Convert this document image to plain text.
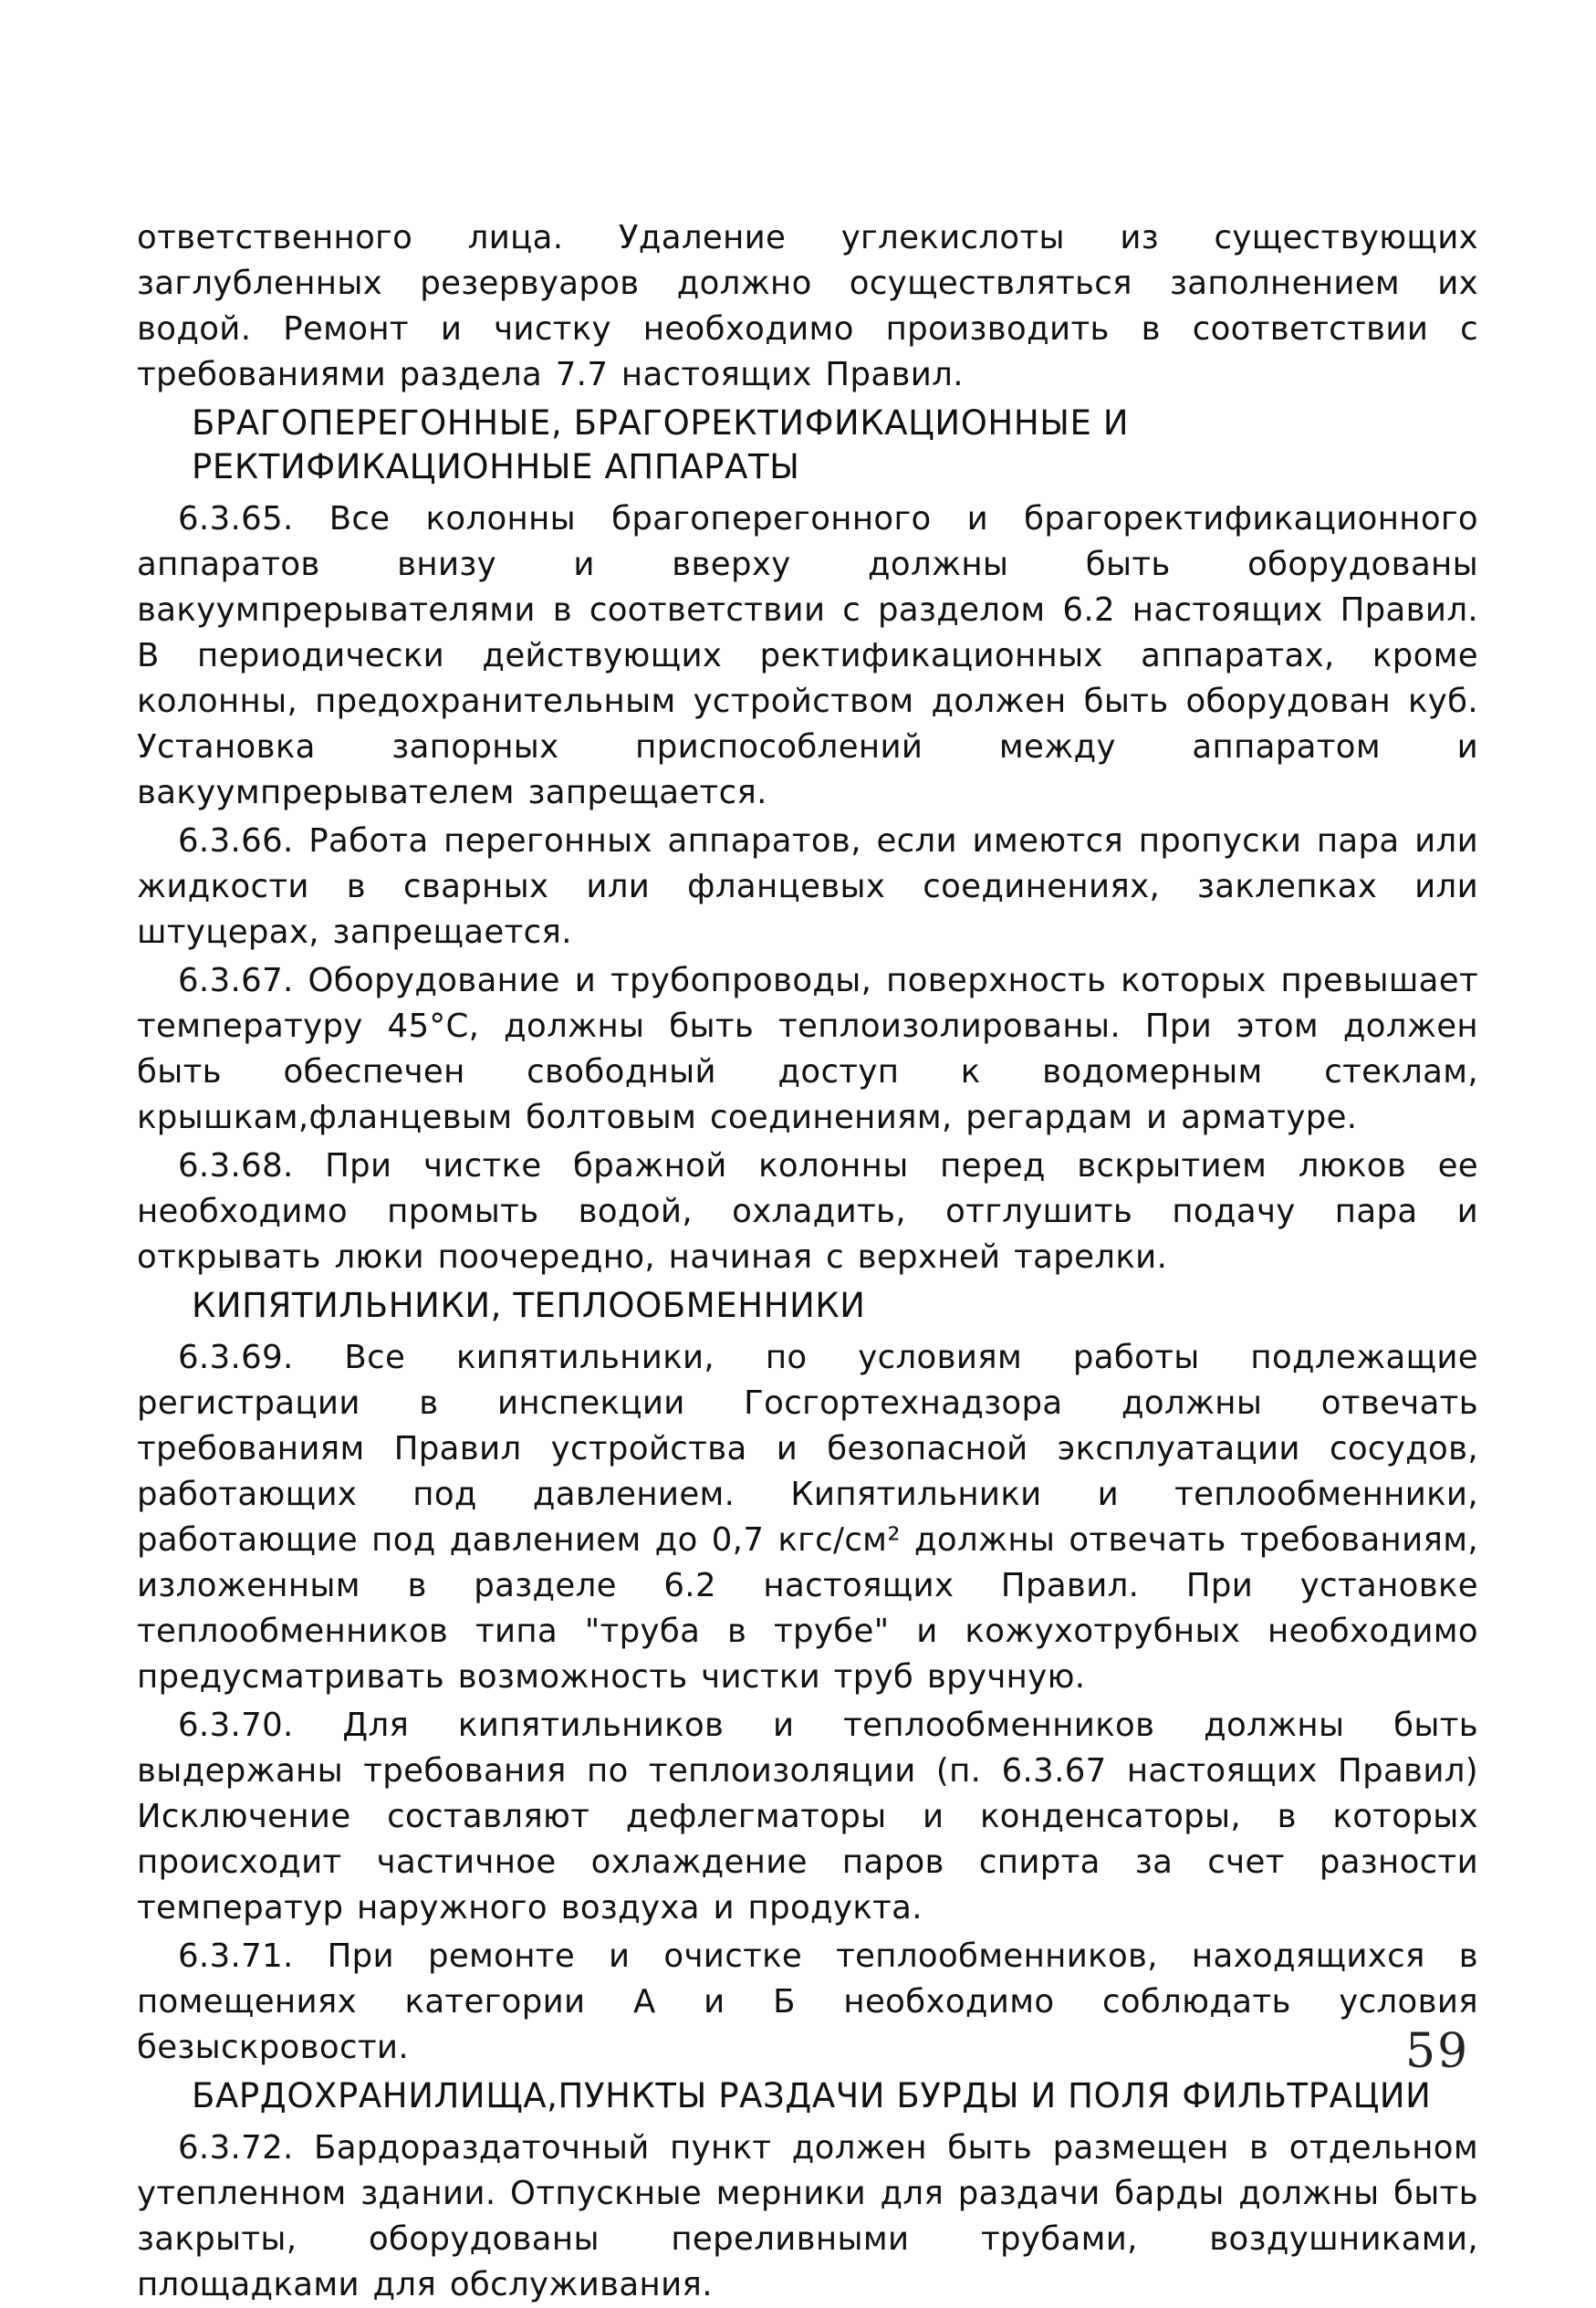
ответственного лица. Удаление углекислоты из существующих заглубленных резервуаров должно осуществляться заполнением их водой. Ремонт и чистку необходимо производить в соответствии с требованиями раздела 7.7 настоящих Правил.

БРАГОПЕРЕГОННЫЕ, БРАГОРЕКТИФИКАЦИОННЫЕ И РЕКТИФИКАЦИОННЫЕ АППАРАТЫ

6.3.65. Все колонны брагоперегонного и брагоректификационного аппаратов внизу и вверху должны быть оборудованы вакуумпрерывателями в соответствии с разделом 6.2 настоящих Правил. В периодически действующих ректификационных аппаратах, кроме колонны, предохранительным устройством должен быть оборудован куб. Установка запорных приспособлений между аппаратом и вакуумпрерывателем запрещается.

6.3.66. Работа перегонных аппаратов, если имеются пропуски пара или жидкости в сварных или фланцевых соединениях, заклепках или штуцерах, запрещается.

6.3.67. Оборудование и трубопроводы, поверхность которых превышает температуру 45°С, должны быть теплоизолированы. При этом должен быть обеспечен свободный доступ к водомерным стеклам, крышкам,фланцевым болтовым соединениям, регардам и арматуре.

6.3.68. При чистке бражной колонны перед вскрытием люков ее необходимо промыть водой, охладить, отглушить подачу пара и открывать люки поочередно, начиная с верхней тарелки.

КИПЯТИЛЬНИКИ, ТЕПЛООБМЕННИКИ

6.3.69. Все кипятильники, по условиям работы подлежащие регистрации в инспекции Госгортехнадзора должны отвечать требованиям Правил устройства и безопасной эксплуатации сосудов, работающих под давлением. Кипятильники и теплообменники, работающие под давлением до 0,7 кгс/см² должны отвечать требованиям, изложенным в разделе 6.2 настоящих Правил. При установке теплообменников типа "труба в трубе" и кожухотрубных необходимо предусматривать возможность чистки труб вручную.

6.3.70. Для кипятильников и теплообменников должны быть выдержаны требования по теплоизоляции (п. 6.3.67 настоящих Правил) Исключение составляют дефлегматоры и конденсаторы, в которых происходит частичное охлаждение паров спирта за счет разности температур наружного воздуха и продукта.

6.3.71. При ремонте и очистке теплообменников, находящихся в помещениях категории А и Б необходимо соблюдать условия безыскровости.

БАРДОХРАНИЛИЩА,ПУНКТЫ РАЗДАЧИ БУРДЫ И ПОЛЯ ФИЛЬТРАЦИИ

6.3.72. Бардораздаточный пункт должен быть размещен в отдельном утепленном здании. Отпускные мерники для раздачи барды должны быть закрыты, оборудованы переливными трубами, воздушниками, площадками для обслуживания.

59
